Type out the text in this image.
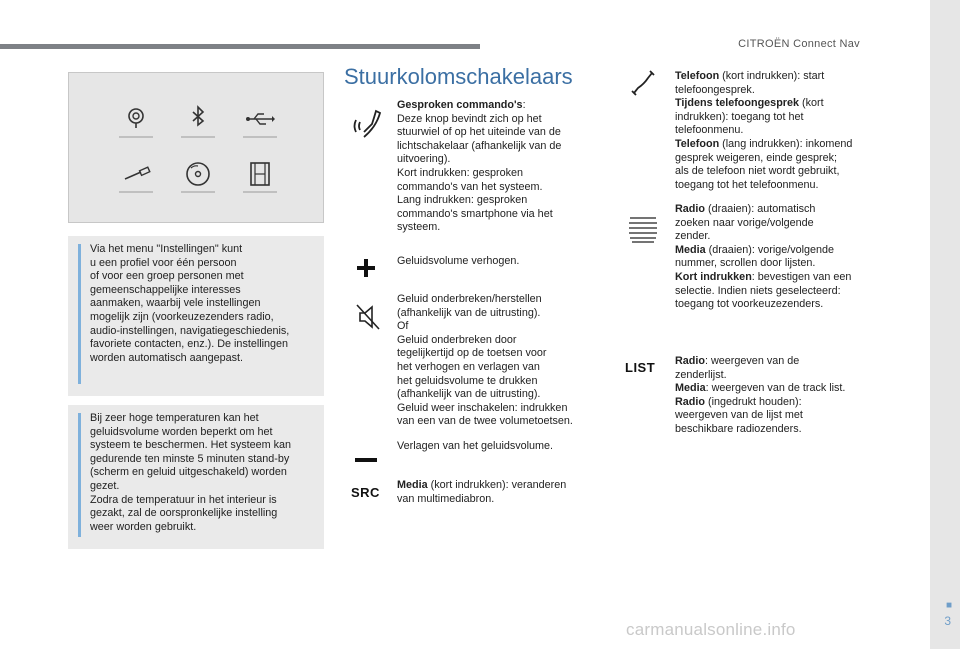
CITROËN Connect Nav
■
3
carmanualsonline.info

Via het menu "Instellingen" kunt
u een profiel voor één persoon
of voor een groep personen met
gemeenschappelijke interesses
aanmaken, waarbij vele instellingen
mogelijk zijn (voorkeuzezenders radio,
audio-instellingen, navigatiegeschiedenis,
favoriete contacten, enz.). De instellingen
worden automatisch aangepast.

Bij zeer hoge temperaturen kan het
geluidsvolume worden beperkt om het
systeem te beschermen. Het systeem kan
gedurende ten minste 5 minuten stand-by
(scherm en geluid uitgeschakeld) worden
gezet.
Zodra de temperatuur in het interieur is
gezakt, zal de oorspronkelijke instelling
weer worden gebruikt.

Stuurkolomschakelaars
Gesproken commando's:
Deze knop bevindt zich op het
stuurwiel of op het uiteinde van de
lichtschakelaar (afhankelijk van de
uitvoering).
Kort indrukken: gesproken
commando's van het systeem.
Lang indrukken: gesproken
commando's smartphone via het
systeem.
Geluidsvolume verhogen.
Geluid onderbreken/herstellen
(afhankelijk van de uitrusting).
Of
Geluid onderbreken door
tegelijkertijd op de toetsen voor
het verhogen en verlagen van
het geluidsvolume te drukken
(afhankelijk van de uitrusting).
Geluid weer inschakelen: indrukken
van een van de twee volumetoetsen.
Verlagen van het geluidsvolume.
SRC Media (kort indrukken): veranderen
van multimediabron.
Telefoon (kort indrukken): start
telefoongesprek.
Tijdens telefoongesprek (kort
indrukken): toegang tot het
telefoonmenu.
Telefoon (lang indrukken): inkomend
gesprek weigeren, einde gesprek;
als de telefoon niet wordt gebruikt,
toegang tot het telefoonmenu.
Radio (draaien): automatisch
zoeken naar vorige/volgende
zender.
Media (draaien): vorige/volgende
nummer, scrollen door lijsten.
Kort indrukken: bevestigen van een
selectie. Indien niets geselecteerd:
toegang tot voorkeuzezenders.
LIST Radio: weergeven van de
zenderlijst.
Media: weergeven van de track list.
Radio (ingedrukt houden):
weergeven van de lijst met
beschikbare radiozenders.
